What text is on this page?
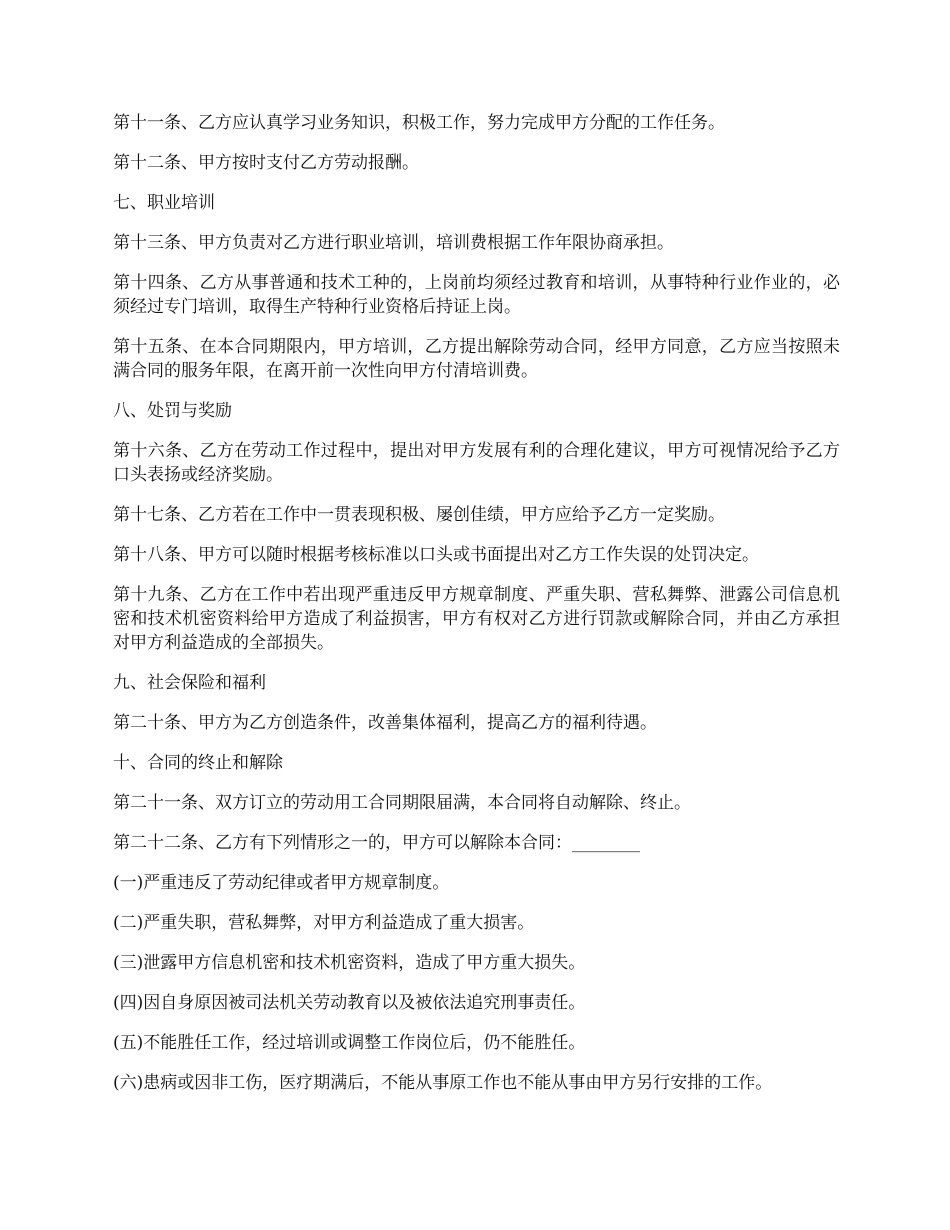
第十一条、乙方应认真学习业务知识，积极工作，努力完成甲方分配的工作任务。

第十二条、甲方按时支付乙方劳动报酬。

七、职业培训

第十三条、甲方负责对乙方进行职业培训，培训费根据工作年限协商承担。

第十四条、乙方从事普通和技术工种的，上岗前均须经过教育和培训，从事特种行业作业的，必须经过专门培训，取得生产特种行业资格后持证上岗。

第十五条、在本合同期限内，甲方培训，乙方提出解除劳动合同，经甲方同意，乙方应当按照未满合同的服务年限，在离开前一次性向甲方付清培训费。

八、处罚与奖励

第十六条、乙方在劳动工作过程中，提出对甲方发展有利的合理化建议，甲方可视情况给予乙方口头表扬或经济奖励。

第十七条、乙方若在工作中一贯表现积极、屡创佳绩，甲方应给予乙方一定奖励。

第十八条、甲方可以随时根据考核标准以口头或书面提出对乙方工作失误的处罚决定。

第十九条、乙方在工作中若出现严重违反甲方规章制度、严重失职、营私舞弊、泄露公司信息机密和技术机密资料给甲方造成了利益损害，甲方有权对乙方进行罚款或解除合同，并由乙方承担对甲方利益造成的全部损失。

九、社会保险和福利

第二十条、甲方为乙方创造条件，改善集体福利，提高乙方的福利待遇。

十、合同的终止和解除

第二十一条、双方订立的劳动用工合同期限届满，本合同将自动解除、终止。

第二十二条、乙方有下列情形之一的，甲方可以解除本合同：________

(一)严重违反了劳动纪律或者甲方规章制度。

(二)严重失职，营私舞弊，对甲方利益造成了重大损害。

(三)泄露甲方信息机密和技术机密资料，造成了甲方重大损失。

(四)因自身原因被司法机关劳动教育以及被依法追究刑事责任。

(五)不能胜任工作，经过培训或调整工作岗位后，仍不能胜任。

(六)患病或因非工伤，医疗期满后，不能从事原工作也不能从事由甲方另行安排的工作。
